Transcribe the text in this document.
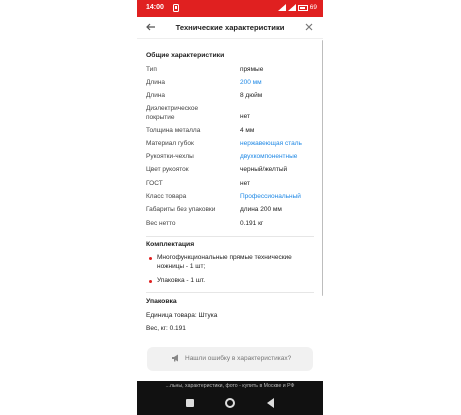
14:00	69
Технические характеристики
Общие характеристики
Тип	прямые
Длина	200 мм
Длина	8 дюйм
Диэлектрическое покрытие	нет
Толщина металла	4 мм
Материал губок	нержавеющая сталь
Рукоятки-чехлы	двухкомпонентные
Цвет рукояток	черный/желтый
ГОСТ	нет
Класс товара	Профессиональный
Габариты без упаковки	длина 200 мм
Вес нетто	0.191 кг
Комплектация
Многофункциональные прямые технические ножницы - 1 шт;
Упаковка - 1 шт.
Упаковка
Единица товара: Штука
Вес, кг: 0.191
Нашли ошибку в характеристиках?
...льны, характеристики, фото - купить в Москве и РФ
